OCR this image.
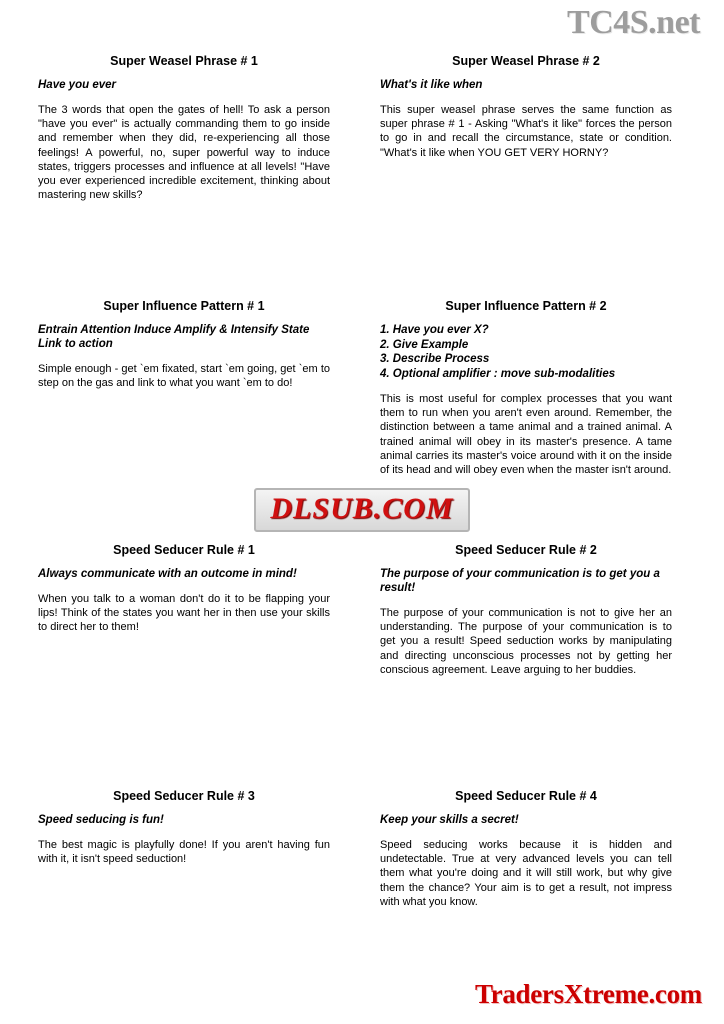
TC4S.net
Super Weasel Phrase # 1
Have you ever
The 3 words that open the gates of hell! To ask a person "have you ever" is actually commanding them to go inside and remember when they did, re-experiencing all those feelings! A powerful, no, super powerful way to induce states, triggers processes and influence at all levels! "Have you ever experienced incredible excitement, thinking about mastering new skills?
Super Weasel Phrase # 2
What's it like when
This super weasel phrase serves the same function as super phrase # 1 - Asking "What's it like" forces the person to go in and recall the circumstance, state or condition. "What's it like when YOU GET VERY HORNY?
Super Influence Pattern # 1
Entrain Attention Induce Amplify & Intensify State Link to action
Simple enough - get `em fixated, start `em going, get `em to step on the gas and link to what you want `em to do!
Super Influence Pattern # 2
1. Have you ever X?
2. Give Example
3. Describe Process
4. Optional amplifier : move sub-modalities
This is most useful for complex processes that you want them to run when you aren't even around. Remember, the distinction between a tame animal and a trained animal. A trained animal will obey in its master's presence. A tame animal carries its master's voice around with it on the inside of its head and will obey even when the master isn't around.
DLSUB.COM
Speed Seducer Rule # 1
Always communicate with an outcome in mind!
When you talk to a woman don't do it to be flapping your lips! Think of the states you want her in then use your skills to direct her to them!
Speed Seducer Rule # 2
The purpose of your communication is to get you a result!
The purpose of your communication is not to give her an understanding. The purpose of your communication is to get you a result! Speed seduction works by manipulating and directing unconscious processes not by getting her conscious agreement. Leave arguing to her buddies.
Speed Seducer Rule # 3
Speed seducing is fun!
The best magic is playfully done! If you aren't having fun with it, it isn't speed seduction!
Speed Seducer Rule # 4
Keep your skills a secret!
Speed seducing works because it is hidden and undetectable. True at very advanced levels you can tell them what you're doing and it will still work, but why give them the chance? Your aim is to get a result, not impress with what you know.
TradersXtreme.com
